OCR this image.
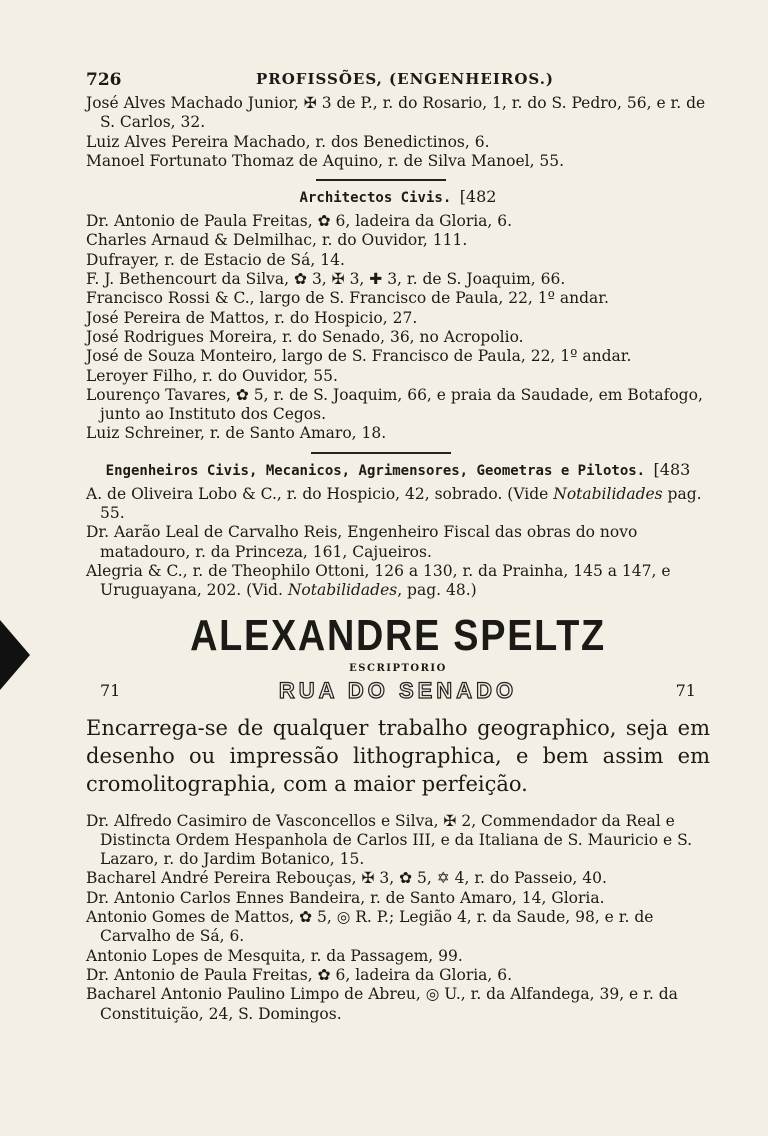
726	PROFISSÕES, (ENGENHEIROS.)

José Alves Machado Junior, ✠ 3 de P., r. do Rosario, 1, r. do S. Pedro, 56, e r. de S. Carlos, 32.

Luiz Alves Pereira Machado, r. dos Benedictinos, 6.

Manoel Fortunato Thomaz de Aquino, r. de Silva Manoel, 55.

Architectos Civis. [482

Dr. Antonio de Paula Freitas, ✿ 6, ladeira da Gloria, 6.

Charles Arnaud & Delmilhac, r. do Ouvidor, 111.

Dufrayer, r. de Estacio de Sá, 14.

F. J. Bethencourt da Silva, ✿ 3, ✠ 3, ✚ 3, r. de S. Joaquim, 66.

Francisco Rossi & C., largo de S. Francisco de Paula, 22, 1º andar.

José Pereira de Mattos, r. do Hospicio, 27.

José Rodrigues Moreira, r. do Senado, 36, no Acropolio.

José de Souza Monteiro, largo de S. Francisco de Paula, 22, 1º andar.

Leroyer Filho, r. do Ouvidor, 55.

Lourenço Tavares, ✿ 5, r. de S. Joaquim, 66, e praia da Saudade, em Botafogo, junto ao Instituto dos Cegos.

Luiz Schreiner, r. de Santo Amaro, 18.

Engenheiros Civis, Mecanicos, Agrimensores, Geometras e Pilotos. [483

A. de Oliveira Lobo & C., r. do Hospicio, 42, sobrado. (Vide Notabilidades pag. 55.

Dr. Aarão Leal de Carvalho Reis, Engenheiro Fiscal das obras do novo matadouro, r. da Princeza, 161, Cajueiros.

Alegria & C., r. de Theophilo Ottoni, 126 a 130, r. da Prainha, 145 a 147, e Uruguayana, 202. (Vid. Notabilidades, pag. 48.)

ALEXANDRE SPELTZ
ESCRIPTORIO
71	RUA DO SENADO	71

Encarrega-se de qualquer trabalho geographico, seja em desenho ou impressão lithographica, e bem assim em cromolitographia, com a maior perfeição.

Dr. Alfredo Casimiro de Vasconcellos e Silva, ✠ 2, Commendador da Real e Distincta Ordem Hespanhola de Carlos III, e da Italiana de S. Mauricio e S. Lazaro, r. do Jardim Botanico, 15.

Bacharel André Pereira Rebouças, ✠ 3, ✿ 5, ✡ 4, r. do Passeio, 40.

Dr. Antonio Carlos Ennes Bandeira, r. de Santo Amaro, 14, Gloria.

Antonio Gomes de Mattos, ✿ 5, ◎ R. P.; Legião 4, r. da Saude, 98, e r. de Carvalho de Sá, 6.

Antonio Lopes de Mesquita, r. da Passagem, 99.

Dr. Antonio de Paula Freitas, ✿ 6, ladeira da Gloria, 6.

Bacharel Antonio Paulino Limpo de Abreu, ◎ U., r. da Alfandega, 39, e r. da Constituição, 24, S. Domingos.
